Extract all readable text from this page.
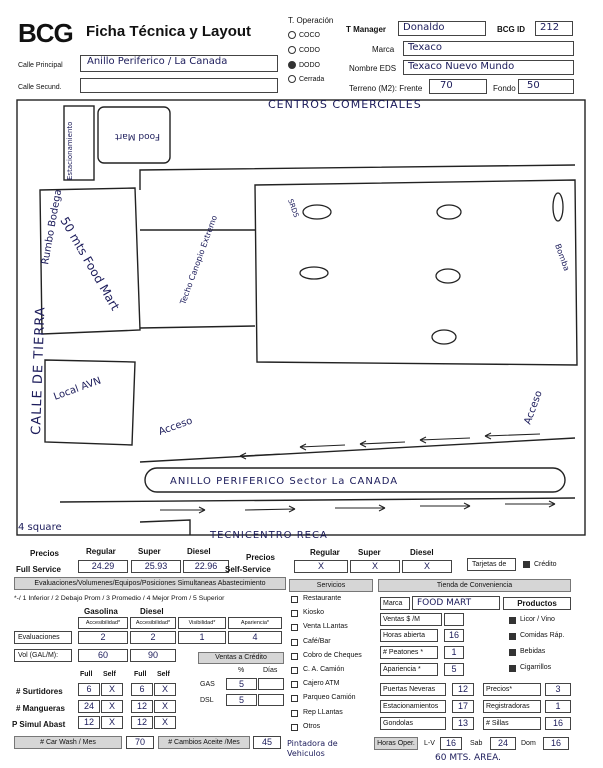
BCG Ficha Técnica y Layout
T. Operación
COCO
CODO
DODO
Cerrada
T Manager	Donaldo	BCG ID	212
Marca	Texaco
Nombre EDS	Texaco Nuevo Mundo
Terreno (M2): Frente	70	Fondo	50
Calle Principal	Anillo Periferico / La Canada
Calle Secund.
CENTROS COMERCIALES
Food Mart
Estacionamiento
Rumbo Bodega
CALLE DE TIERRA
50 mts Food Mart	Techo Canopio Extremo
Local AVN
Acceso
Acceso
Bomba
SRDS
ANILLO PERIFERICO Sector La CANADA
4 square
TECNICENTRO RECA
Precios
Full Service
Regular	Super	Diesel
24.29	25.93	22.96
Precios
Self-Service
Regular Super	Diesel
X	X	X	Tarjetas de	Crédito
Evaluaciones/Volumenes/Equipos/Posiciones Simultaneas Abastecimiento
*-/ 1 Inferior / 2 Debajo Prom / 3 Promedio / 4 Mejor Prom / 5 Superior
Gasolina	Diesel
Accesibilidad*	Accesibilidad*	Visibilidad*	Apariencia*
Evaluaciones	2	2	1	4
Vol (GAL/M):	60	90	Ventas a Crédito
%	Días
GAS	5
DSL	5
Full Self	Full Self
# Surtidores	6	X	6	X
# Mangueras	24	X	12	X
P Simul Abast	12	X	12	X
# Car Wash / Mes	70	# Cambios Aceite /Mes	45	Pintadora de Vehiculos
Servicios
Restaurante
Kiosko
Venta LLantas
Café/Bar
Cobro de Cheques
C. A. Camión
Cajero ATM
Parqueo Camión
Rep LLantas
Otros
Tienda de Conveniencia
Marca	FOOD MART	Productos
Ventas $ /M
Horas abierta	16
# Peatones *	1
Apariencia *	5
Licor / Vino
Comidas Ráp.
Bebidas
Cigarrillos
Puertas Neveras	12	Precios*	3
Estacionamientos	17	Registradoras	1
Gondolas	13	# Sillas	16
Horas Oper.	L-V	16	Sab	24	Dom	16
60 MTS. AREA.
